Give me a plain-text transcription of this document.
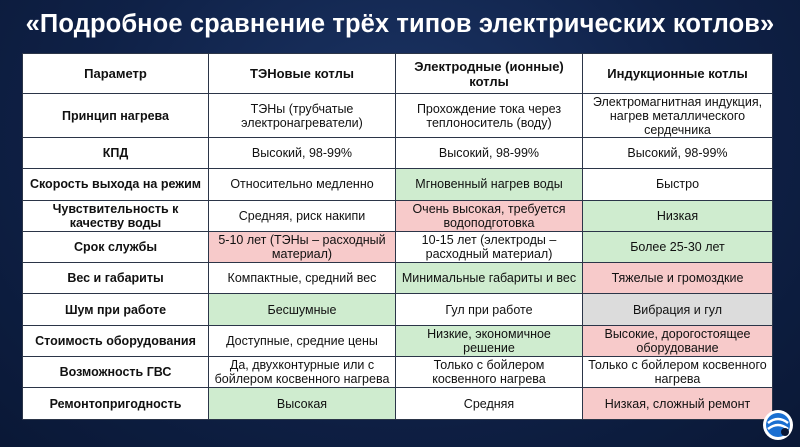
«Подробное сравнение трёх типов электрических котлов»
Параметр	ТЭНовые котлы	Электродные (ионные) котлы	Индукционные котлы
Принцип нагрева	ТЭНы (трубчатые электронагреватели)	Прохождение тока через теплоноситель (воду)	Электромагнитная индукция, нагрев металлического сердечника
КПД	Высокий, 98-99%	Высокий, 98-99%	Высокий, 98-99%
Скорость выхода на режим	Относительно медленно	Мгновенный нагрев воды	Быстро
Чувствительность к качеству воды	Средняя, риск накипи	Очень высокая, требуется водоподготовка	Низкая
Срок службы	5-10 лет (ТЭНы – расходный материал)	10-15 лет (электроды – расходный материал)	Более 25-30 лет
Вес и габариты	Компактные, средний вес	Минимальные габариты и вес	Тяжелые и громоздкие
Шум при работе	Бесшумные	Гул при работе	Вибрация и гул
Стоимость оборудования	Доступные, средние цены	Низкие, экономичное решение	Высокие, дорогостоящее оборудование
Возможность ГВС	Да, двухконтурные или с бойлером косвенного нагрева	Только с бойлером косвенного нагрева	Только с бойлером косвенного нагрева
Ремонтопригодность	Высокая	Средняя	Низкая, сложный ремонт
